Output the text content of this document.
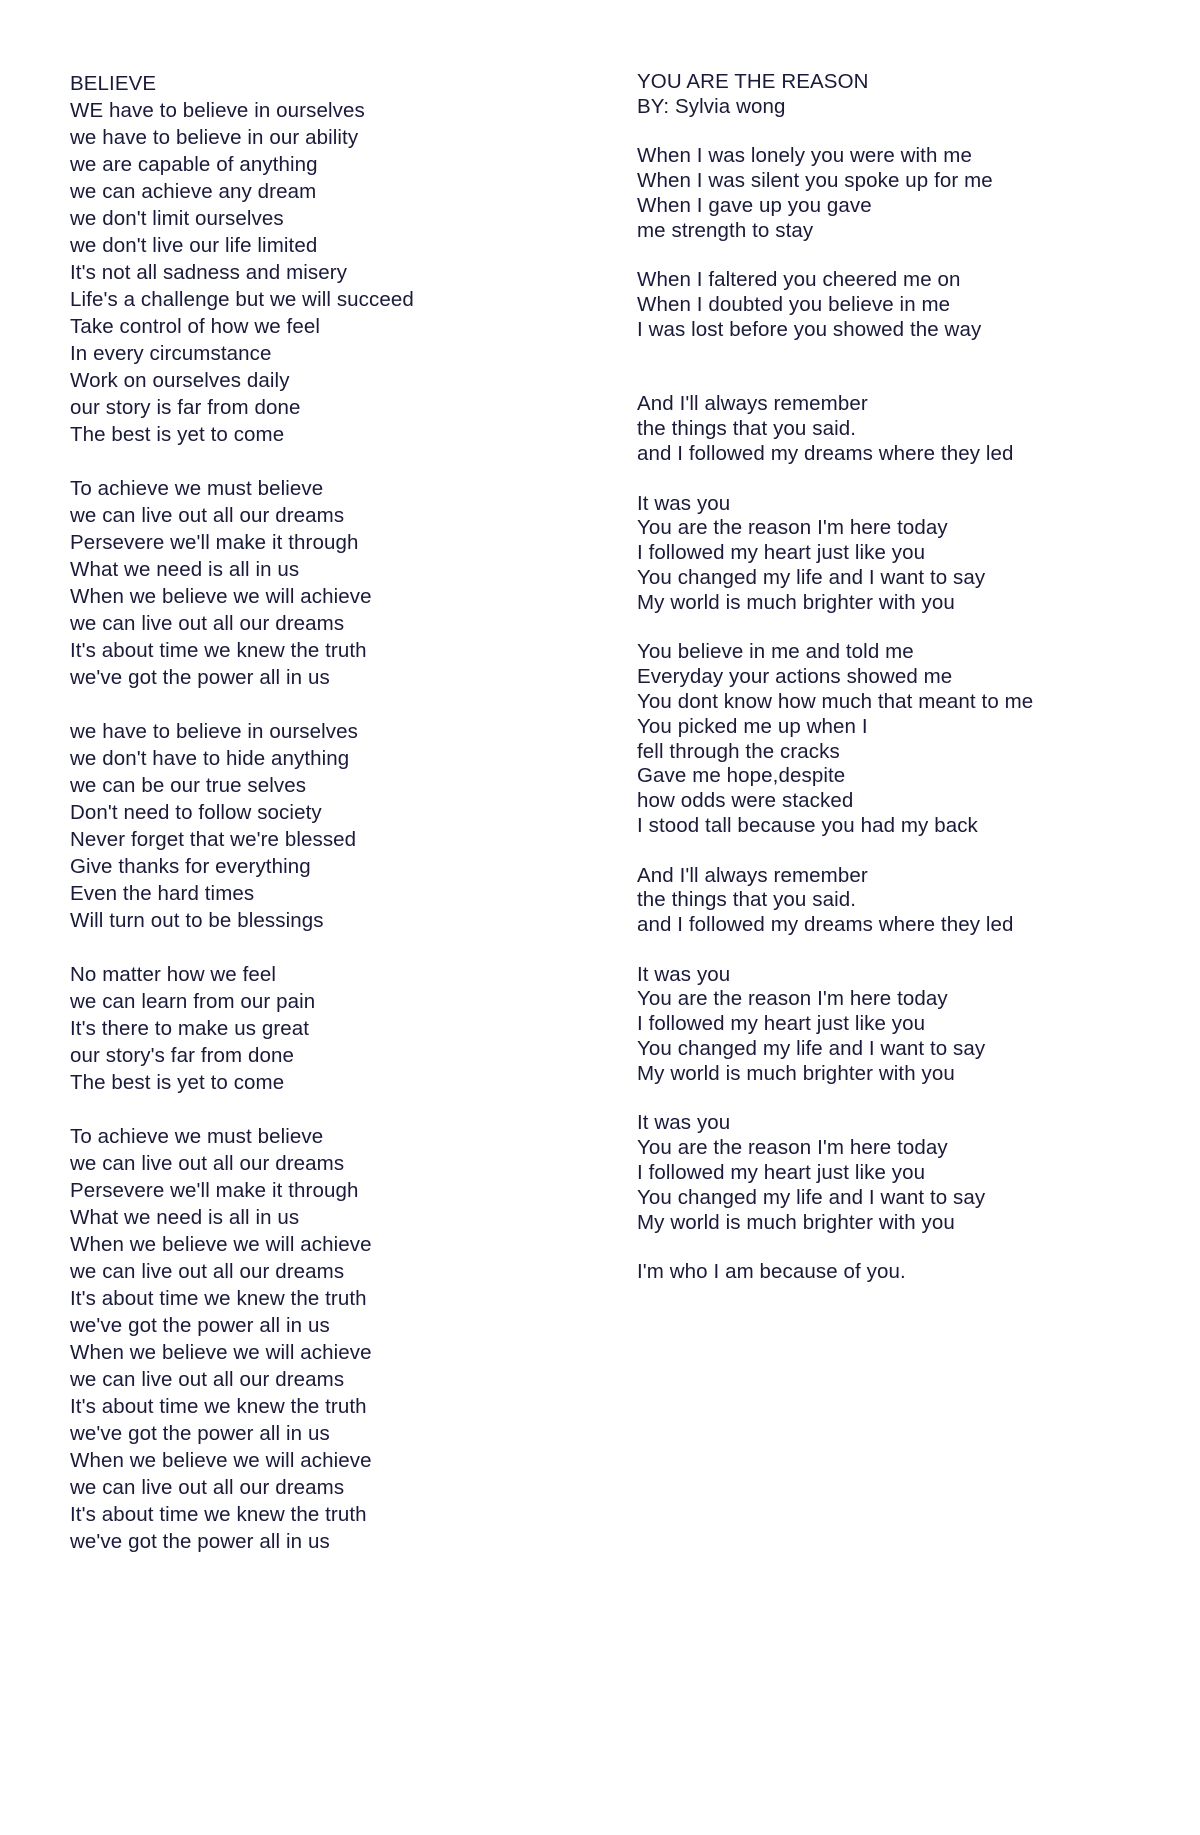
BELIEVE
WE have to believe in ourselves
we have to believe in our ability
we are capable of anything
we can achieve any dream
we don't limit ourselves
we don't live our life limited
It's not all sadness and misery
Life's a challenge but we will succeed
Take control of how we feel
In every circumstance
Work on ourselves daily
our story is far from done
The best is yet to come
To achieve we must believe
we can live out all our dreams
Persevere we'll make it through
What we need is all in us
When we believe we will achieve
we can live out all our dreams
It's about time we knew the truth
we've got the power all in us
we have to believe in ourselves
we don't have to hide anything
we can be our true selves
Don't need to follow society
Never forget that we're blessed
Give thanks for everything
Even the hard times
Will turn out to be blessings
No matter how we feel
we can learn from our pain
It's there to make us great
our story's far from done
The best is yet to come
To achieve we must believe
we can live out all our dreams
Persevere we'll make it through
What we need is all in us
When we believe we will achieve
we can live out all our dreams
It's about time we knew the truth
we've got the power all in us
When we believe we will achieve
we can live out all our dreams
It's about time we knew the truth
we've got the power all in us
When we believe we will achieve
we can live out all our dreams
It's about time we knew the truth
we've got the power all in us
YOU ARE THE REASON
BY: Sylvia wong
When I was lonely you were with me
When I was silent you spoke up for me
When I gave up you gave
me strength to stay
When I faltered you cheered me on
When I doubted you believe in me
I was lost before you showed the way
And I'll always remember
the things that you said.
and I followed my dreams where they led
It was you
You are the reason I'm here today
I followed my heart just like you
You changed my life and I want to say
My world is much brighter with you
You believe in me and told me
Everyday your actions showed me
You dont know how much that meant to me
You picked me up when I
fell through the cracks
Gave me hope,despite
how odds were stacked
I stood tall because you had my back
And I'll always remember
the things that you said.
and I followed my dreams where they led
It was you
You are the reason I'm here today
I followed my heart just like you
You changed my life and I want to say
My world is much brighter with you
It was you
You are the reason I'm here today
I followed my heart just like you
You changed my life and I want to say
My world is much brighter with you
I'm who I am because of you.
